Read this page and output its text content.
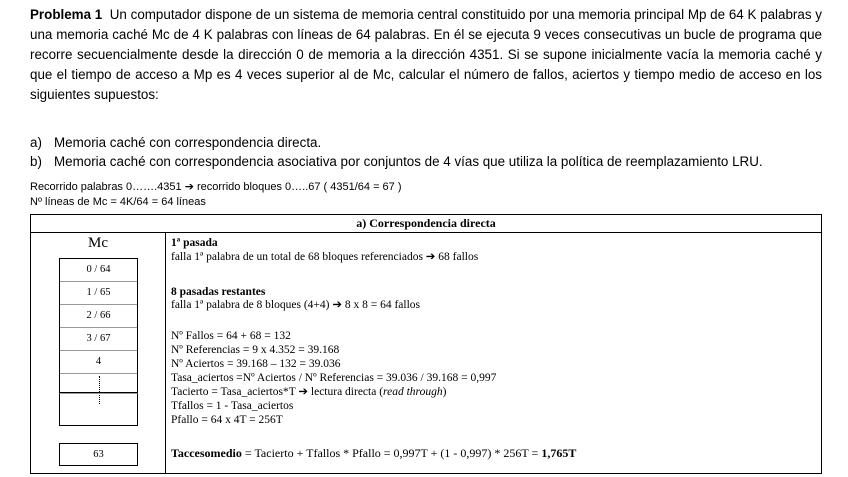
Problema 1 Un computador dispone de un sistema de memoria central constituido por una memoria principal Mp de 64 K palabras y una memoria caché Mc de 4 K palabras con líneas de 64 palabras. En él se ejecuta 9 veces consecutivas un bucle de programa que recorre secuencialmente desde la dirección 0 de memoria a la dirección 4351. Si se supone inicialmente vacía la memoria caché y que el tiempo de acceso a Mp es 4 veces superior al de Mc, calcular el número de fallos, aciertos y tiempo medio de acceso en los siguientes supuestos:
a) Memoria caché con correspondencia directa.
b) Memoria caché con correspondencia asociativa por conjuntos de 4 vías que utiliza la política de reemplazamiento LRU.
Recorrido palabras 0…….4351 ➔ recorrido bloques 0…..67 ( 4351/64 = 67 )
Nº líneas de Mc = 4K/64 = 64 líneas
a) Correspondencia directa
Mc
0 / 64
1 / 65
2 / 66
3 / 67
4
63
1ª pasada
falla 1ª palabra de un total de 68 bloques referenciados ➔ 68 fallos
8 pasadas restantes
falla 1ª palabra de 8 bloques (4+4) ➔ 8 x 8 = 64 fallos
Nº Fallos = 64 + 68 = 132
Nº Referencias = 9 x 4.352 = 39.168
Nº Aciertos = 39.168 – 132 = 39.036
Tasa_aciertos =Nº Aciertos / Nº Referencias = 39.036 / 39.168 = 0,997
Tacierto = Tasa_aciertos*T ➔ lectura directa (read through)
Tfallos = 1 - Tasa_aciertos
Pfallo = 64 x 4T = 256T
Taccesomedio = Tacierto + Tfallos * Pfallo = 0,997T + (1 - 0,997) * 256T = 1,765T
